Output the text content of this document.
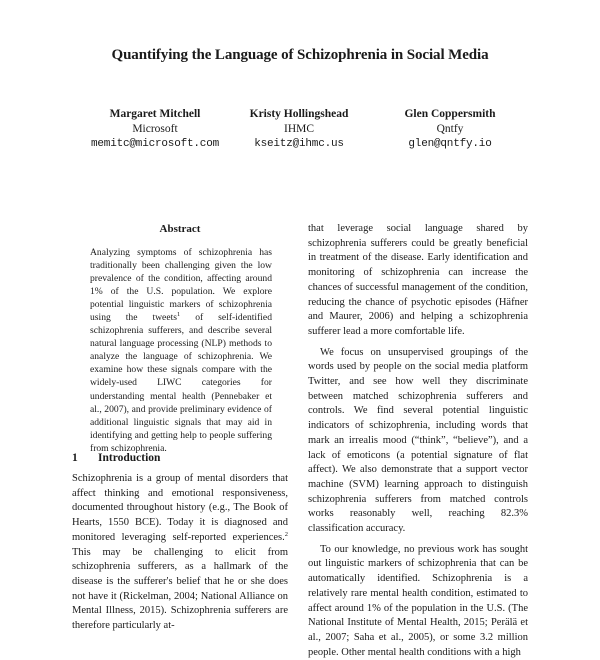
Quantifying the Language of Schizophrenia in Social Media
Margaret Mitchell
Microsoft
memitc@microsoft.com
Kristy Hollingshead
IHMC
kseitz@ihmc.us
Glen Coppersmith
Qntfy
glen@qntfy.io
Abstract
Analyzing symptoms of schizophrenia has traditionally been challenging given the low prevalence of the condition, affecting around 1% of the U.S. population. We explore potential linguistic markers of schizophrenia using the tweets$^1$ of self-identified schizophrenia sufferers, and describe several natural language processing (NLP) methods to analyze the language of schizophrenia. We examine how these signals compare with the widely-used LIWC categories for understanding mental health (Pennebaker et al., 2007), and provide preliminary evidence of additional linguistic signals that may aid in identifying and getting help to people suffering from schizophrenia.
1 Introduction

Schizophrenia is a group of mental disorders that affect thinking and emotional responsiveness, documented throughout history (e.g., The Book of Hearts, 1550 BCE). Today it is diagnosed and monitored leveraging self-reported experiences.$^2$ This may be challenging to elicit from schizophrenia sufferers, as a hallmark of the disease is the sufferer's belief that he or she does not have it (Rickelman, 2004; National Alliance on Mental Illness, 2015). Schizophrenia sufferers are therefore particularly at-

that leverage social language shared by schizophrenia sufferers could be greatly beneficial in treatment of the disease. Early identification and monitoring of schizophrenia can increase the chances of successful management of the condition, reducing the chance of psychotic episodes (Häfner and Maurer, 2006) and helping a schizophrenia sufferer lead a more comfortable life.

We focus on unsupervised groupings of the words used by people on the social media platform Twitter, and see how well they discriminate between matched schizophrenia sufferers and controls. We find several potential linguistic indicators of schizophrenia, including words that mark an irrealis mood (“think”, “believe”), and a lack of emoticons (a potential signature of flat affect). We also demonstrate that a support vector machine (SVM) learning approach to distinguish schizophrenia sufferers from matched controls works reasonably well, reaching 82.3% classification accuracy.

To our knowledge, no previous work has sought out linguistic markers of schizophrenia that can be automatically identified. Schizophrenia is a relatively rare mental health condition, estimated to affect around 1% of the population in the U.S. (The National Institute of Mental Health, 2015; Perälä et al., 2007; Saha et al., 2005), or some 3.2 million people. Other mental health conditions with a high
